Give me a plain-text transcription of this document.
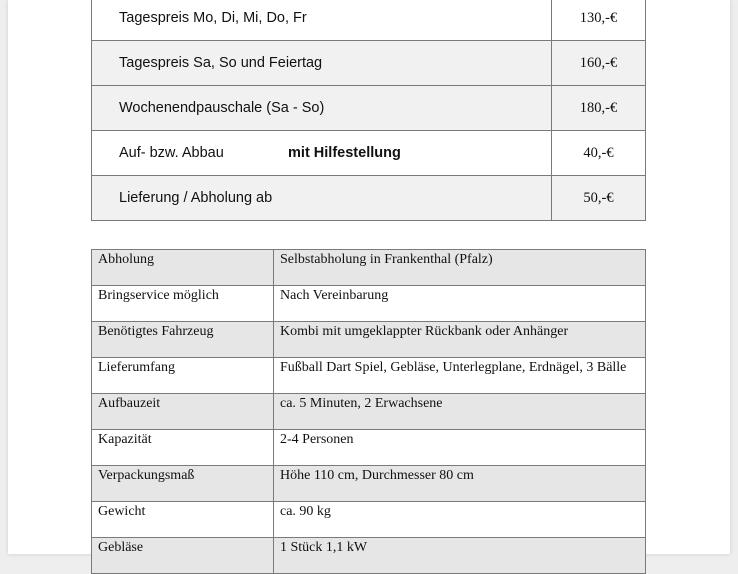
Tagespreis Mo, Di, Mi, Do, Fr	130,-€
Tagespreis Sa, So und Feiertag	160,-€
Wochenendpauschale (Sa - So)	180,-€
Auf- bzw. Abbau mit Hilfestellung	40,-€
Lieferung / Abholung ab	50,-€
Abholung	Selbstabholung in Frankenthal (Pfalz)
Bringservice möglich	Nach Vereinbarung
Benötigtes Fahrzeug	Kombi mit umgeklappter Rückbank oder Anhänger
Lieferumfang	Fußball Dart Spiel, Gebläse, Unterlegplane, Erdnägel, 3 Bälle
Aufbauzeit	ca. 5 Minuten, 2 Erwachsene
Kapazität	2-4 Personen
Verpackungsmaß	Höhe 110 cm, Durchmesser 80 cm
Gewicht	ca. 90 kg
Gebläse	1 Stück 1,1 kW
